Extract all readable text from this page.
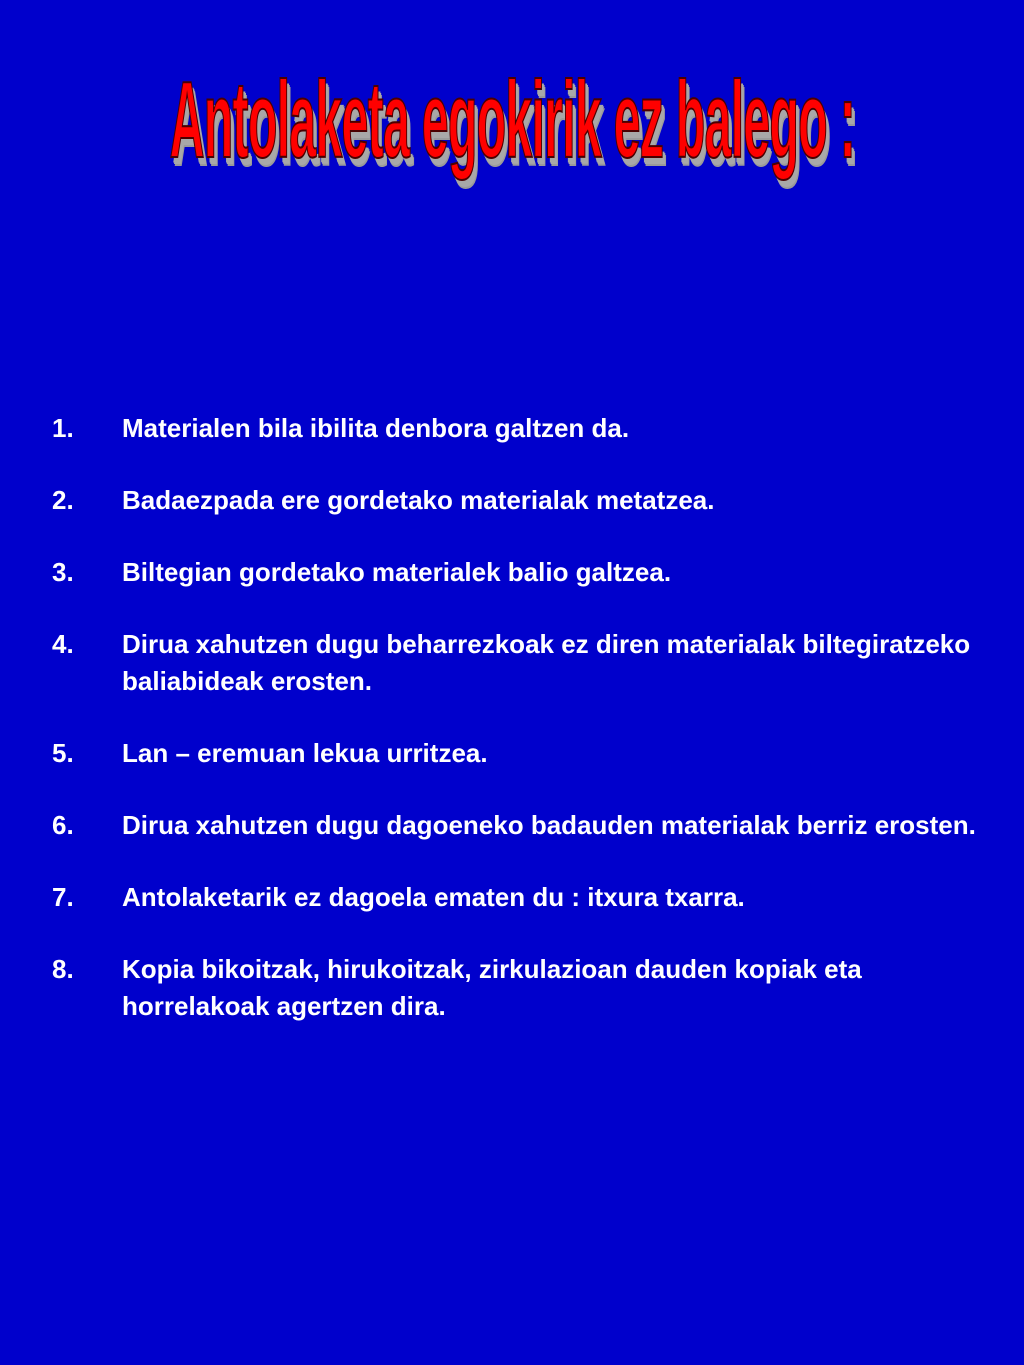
Antolaketa egokirik ez balego :
1.	Materialen bila ibilita denbora galtzen da.
2.	Badaezpada ere gordetako materialak metatzea.
3.	Biltegian gordetako materialek balio galtzea.
4.	Dirua xahutzen dugu beharrezkoak ez diren materialak biltegiratzeko baliabideak erosten.
5.	Lan – eremuan lekua urritzea.
6.	Dirua xahutzen dugu dagoeneko badauden materialak berriz erosten.
7.	Antolaketarik ez dagoela ematen du : itxura txarra.
8.	Kopia bikoitzak, hirukoitzak, zirkulazioan dauden kopiak eta horrelakoak agertzen dira.
